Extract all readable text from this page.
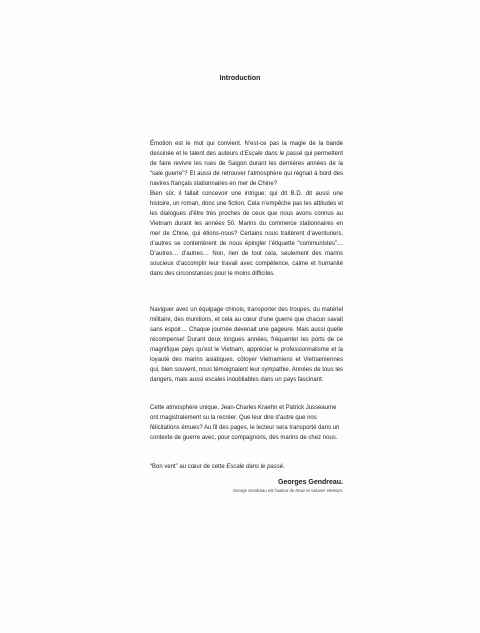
Introduction
Émotion est le mot qui convient. N’est-ce pas la magie de la bande dessinée et le talent des auteurs d’Escale dans le passé qui permettent de faire revivre les rues de Saigon durant les dernières années de la “sale guerre”? Et aussi de retrouver l’atmosphère qui régnait à bord des navires français stationnaires en mer de Chine?
Bien sûr, il fallait concevoir une intrigue; qui dit B.D. dit aussi une histoire, un roman, donc une fiction. Cela n’empêche pas les attitudes et les dialogues d’être très proches de ceux que nous avons connus au Vietnam durant les années 50. Marins du commerce stationnaires en mer de Chine, qui étions-nous? Certains nous traitèrent d’aventuriers, d’autres se contentèrent de nous épingler l’étiquette “communistes”…D’autres… d’autres… Non, rien de tout cela, seulement des marins soucieux d’accomplir leur travail avec compétence, calme et humanité dans des circonstances pour le moins difficiles.
Naviguer avec un équipage chinois, transporter des troupes, du matériel militaire, des munitions, et cela au cœur d’une guerre que chacun savait sans espoir… Chaque journée devenait une gageure. Mais aussi quelle récompense! Durant deux longues années, fréquenter les ports de ce magnifique pays qu’est le Vietnam, apprécier le professionnalisme et la loyauté des marins asiatiques, côtoyer Vietnamiens et Vietnamiennes qui, bien souvent, nous témoignaient leur sympathie. Années de tous les dangers, mais aussi escales inoubliables dans un pays fascinant.
Cette atmosphère unique, Jean-Charles Kraehn et Patrick Jusseaume ont magistralement su la recréer. Que leur dire d’autre que nos félicitations émues? Au fil des pages, le lecteur sera transporté dans un contexte de guerre avec, pour compagnons, des marins de chez nous.
“Bon vent” au cœur de cette Escale dans le passé.
Georges Gendreau.
George Gendreau est l’auteur de Nous te saluons Vietnam.
